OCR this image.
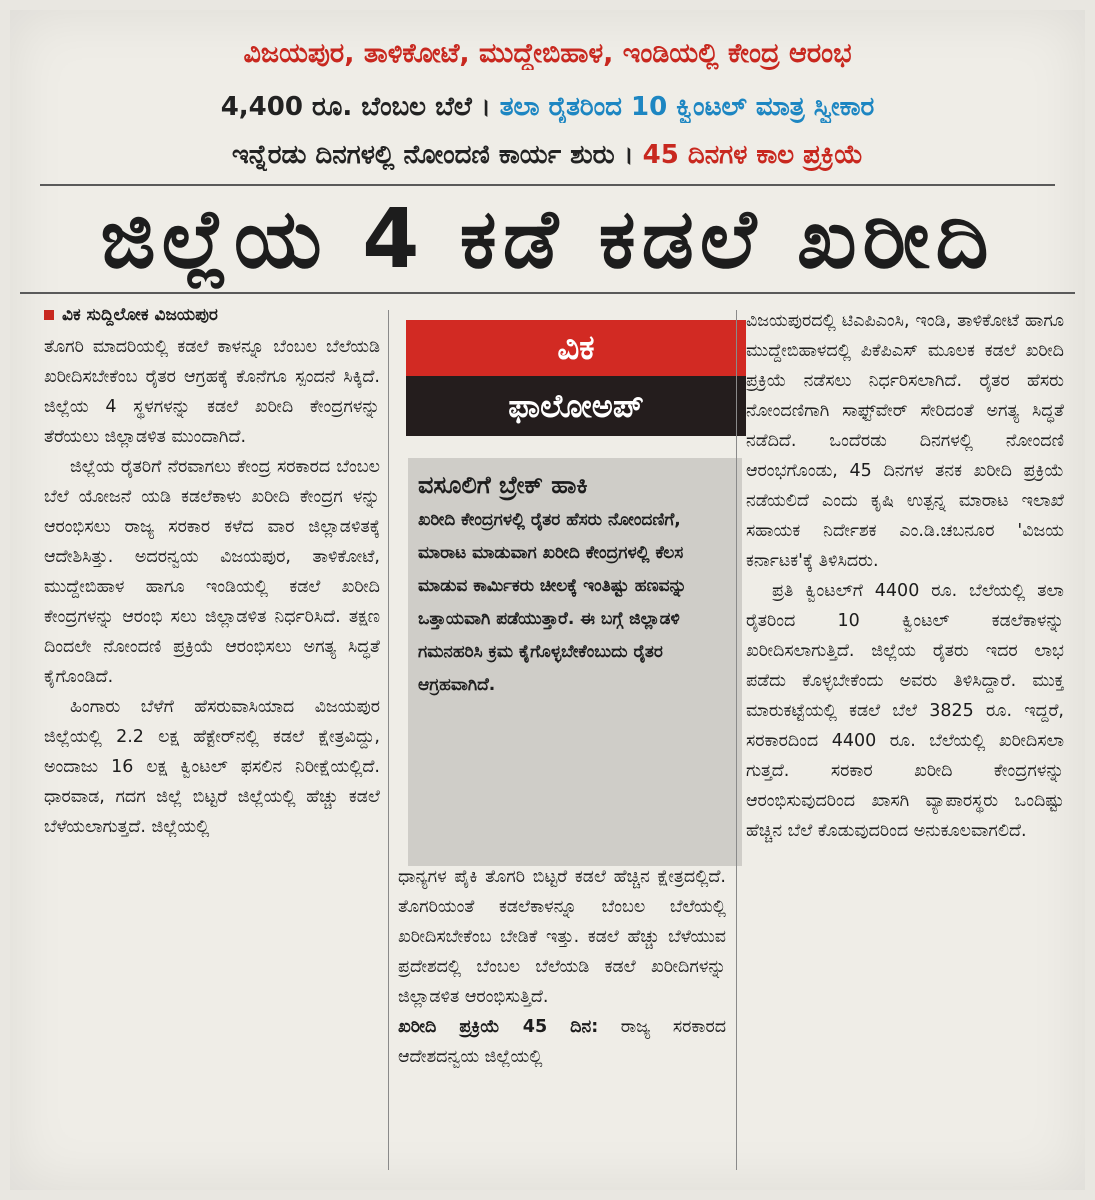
ವಿಜಯಪುರ, ತಾಳಿಕೋಟೆ, ಮುದ್ದೇಬಿಹಾಳ, ಇಂಡಿಯಲ್ಲಿ ಕೇಂದ್ರ ಆರಂಭ
4,400 ರೂ. ಬೆಂಬಲ ಬೆಲೆ । ತಲಾ ರೈತರಿಂದ 10 ಕ್ವಿಂಟಲ್ ಮಾತ್ರ ಸ್ವೀಕಾರ
ಇನ್ನೆರಡು ದಿನಗಳಲ್ಲಿ ನೋಂದಣಿ ಕಾರ್ಯ ಶುರು । 45 ದಿನಗಳ ಕಾಲ ಪ್ರಕ್ರಿಯೆ
ಜಿಲ್ಲೆಯ 4 ಕಡೆ ಕಡಲೆ ಖರೀದಿ
ವಿಕ ಸುದ್ದಿಲೋಕ ವಿಜಯಪುರ

ತೊಗರಿ ಮಾದರಿಯಲ್ಲಿ ಕಡಲೆ ಕಾಳನ್ನೂ ಬೆಂಬಲ ಬೆಲೆಯಡಿ ಖರೀದಿಸಬೇಕೆಂಬ ರೈತರ ಆಗ್ರಹಕ್ಕೆ ಕೊನೆಗೂ ಸ್ಪಂದನೆ ಸಿಕ್ಕಿದೆ. ಜಿಲ್ಲೆಯ 4 ಸ್ಥಳಗಳನ್ನು ಕಡಲೆ ಖರೀದಿ ಕೇಂದ್ರಗಳನ್ನು ತೆರೆಯಲು ಜಿಲ್ಲಾಡಳಿತ ಮುಂದಾಗಿದೆ.

ಜಿಲ್ಲೆಯ ರೈತರಿಗೆ ನೆರವಾಗಲು ಕೇಂದ್ರ ಸರಕಾರದ ಬೆಂಬಲ ಬೆಲೆ ಯೋಜನೆ ಯಡಿ ಕಡಲೆಕಾಳು ಖರೀದಿ ಕೇಂದ್ರಗ ಳನ್ನು ಆರಂಭಿಸಲು ರಾಜ್ಯ ಸರಕಾರ ಕಳೆದ ವಾರ ಜಿಲ್ಲಾಡಳಿತಕ್ಕೆ ಆದೇಶಿಸಿತ್ತು. ಅದರನ್ವಯ ವಿಜಯಪುರ, ತಾಳಿಕೋಟೆ, ಮುದ್ದೇಬಿಹಾಳ ಹಾಗೂ ಇಂಡಿಯಲ್ಲಿ ಕಡಲೆ ಖರೀದಿ ಕೇಂದ್ರಗಳನ್ನು ಆರಂಭಿ ಸಲು ಜಿಲ್ಲಾಡಳಿತ ನಿರ್ಧರಿಸಿದೆ. ತಕ್ಷಣ ದಿಂದಲೇ ನೋಂದಣಿ ಪ್ರಕ್ರಿಯೆ ಆರಂಭಿಸಲು ಅಗತ್ಯ ಸಿದ್ಧತೆ ಕೈಗೊಂಡಿದೆ.

ಹಿಂಗಾರು ಬೆಳೆಗೆ ಹೆಸರುವಾಸಿಯಾದ ವಿಜಯಪುರ ಜಿಲ್ಲೆಯಲ್ಲಿ 2.2 ಲಕ್ಷ ಹೆಕ್ಟೇರ್‌ನಲ್ಲಿ ಕಡಲೆ ಕ್ಷೇತ್ರವಿದ್ದು, ಅಂದಾಜು 16 ಲಕ್ಷ ಕ್ವಿಂಟಲ್ ಫಸಲಿನ ನಿರೀಕ್ಷೆಯಲ್ಲಿದೆ. ಧಾರವಾಡ, ಗದಗ ಜಿಲ್ಲೆ ಬಿಟ್ಟರೆ ಜಿಲ್ಲೆಯಲ್ಲಿ ಹೆಚ್ಚು ಕಡಲೆ ಬೆಳೆಯಲಾಗುತ್ತದೆ. ಜಿಲ್ಲೆಯಲ್ಲಿ

ವಿಕ
ಫಾಲೋಅಪ್
ವಸೂಲಿಗೆ ಬ್ರೇಕ್ ಹಾಕಿ
ಖರೀದಿ ಕೇಂದ್ರಗಳಲ್ಲಿ ರೈತರ ಹೆಸರು ನೋಂದಣಿಗೆ, ಮಾರಾಟ ಮಾಡುವಾಗ ಖರೀದಿ ಕೇಂದ್ರಗಳಲ್ಲಿ ಕೆಲಸ ಮಾಡುವ ಕಾರ್ಮಿಕರು ಚೀಲಕ್ಕೆ ಇಂತಿಷ್ಟು ಹಣವನ್ನು ಒತ್ತಾಯವಾಗಿ ಪಡೆಯುತ್ತಾರೆ. ಈ ಬಗ್ಗೆ ಜಿಲ್ಲಾಡಳಿ ಗಮನಹರಿಸಿ ಕ್ರಮ ಕೈಗೊಳ್ಳಬೇಕೆಂಬುದು ರೈತರ ಆಗ್ರಹವಾಗಿದೆ.

ಧಾನ್ಯಗಳ ಪೈಕಿ ತೊಗರಿ ಬಿಟ್ಟರೆ ಕಡಲೆ ಹೆಚ್ಚಿನ ಕ್ಷೇತ್ರದಲ್ಲಿದೆ. ತೊಗರಿಯಂತೆ ಕಡಲೆಕಾಳನ್ನೂ ಬೆಂಬಲ ಬೆಲೆಯಲ್ಲಿ ಖರೀದಿಸಬೇಕೆಂಬ ಬೇಡಿಕೆ ಇತ್ತು. ಕಡಲೆ ಹೆಚ್ಚು ಬೆಳೆಯುವ ಪ್ರದೇಶದಲ್ಲಿ ಬೆಂಬಲ ಬೆಲೆಯಡಿ ಕಡಲೆ ಖರೀದಿಗಳನ್ನು ಜಿಲ್ಲಾಡಳಿತ ಆರಂಭಿಸುತ್ತಿದೆ.

ಖರೀದಿ ಪ್ರಕ್ರಿಯೆ 45 ದಿನ: ರಾಜ್ಯ ಸರಕಾರದ ಆದೇಶದನ್ವಯ ಜಿಲ್ಲೆಯಲ್ಲಿ

ವಿಜಯಪುರದಲ್ಲಿ ಟಿಎಪಿಎಂಸಿ, ಇಂಡಿ, ತಾಳಿಕೋಟೆ ಹಾಗೂ ಮುದ್ದೇಬಿಹಾಳದಲ್ಲಿ ಪಿಕೆಪಿಎಸ್ ಮೂಲಕ ಕಡಲೆ ಖರೀದಿ ಪ್ರಕ್ರಿಯೆ ನಡೆಸಲು ನಿರ್ಧರಿಸಲಾಗಿದೆ. ರೈತರ ಹೆಸರು ನೋಂದಣಿಗಾಗಿ ಸಾಫ್ಟ್‌ವೇರ್ ಸೇರಿದಂತೆ ಅಗತ್ಯ ಸಿದ್ಧತೆ ನಡೆದಿದೆ. ಒಂದೆರಡು ದಿನಗಳಲ್ಲಿ ನೋಂದಣಿ ಆರಂಭಗೊಂಡು, 45 ದಿನಗಳ ತನಕ ಖರೀದಿ ಪ್ರಕ್ರಿಯೆ ನಡೆಯಲಿದೆ ಎಂದು ಕೃಷಿ ಉತ್ಪನ್ನ ಮಾರಾಟ ಇಲಾಖೆ ಸಹಾಯಕ ನಿರ್ದೇಶಕ ಎಂ.ಡಿ.ಚಬನೂರ 'ವಿಜಯ ಕರ್ನಾಟಕ'ಕ್ಕೆ ತಿಳಿಸಿದರು.

ಪ್ರತಿ ಕ್ವಿಂಟಲ್‌ಗೆ 4400 ರೂ. ಬೆಲೆಯಲ್ಲಿ ತಲಾ ರೈತರಿಂದ 10 ಕ್ವಿಂಟಲ್ ಕಡಲೆಕಾಳನ್ನು ಖರೀದಿಸಲಾಗುತ್ತಿದೆ. ಜಿಲ್ಲೆಯ ರೈತರು ಇದರ ಲಾಭ ಪಡೆದು ಕೊಳ್ಳಬೇಕೆಂದು ಅವರು ತಿಳಿಸಿದ್ದಾರೆ. ಮುಕ್ತ ಮಾರುಕಟ್ಟೆಯಲ್ಲಿ ಕಡಲೆ ಬೆಲೆ 3825 ರೂ. ಇದ್ದರೆ, ಸರಕಾರದಿಂದ 4400 ರೂ. ಬೆಲೆಯಲ್ಲಿ ಖರೀದಿಸಲಾ ಗುತ್ತದೆ. ಸರಕಾರ ಖರೀದಿ ಕೇಂದ್ರಗಳನ್ನು ಆರಂಭಿಸುವುದರಿಂದ ಖಾಸಗಿ ವ್ಯಾಪಾರಸ್ಥರು ಒಂದಿಷ್ಟು ಹೆಚ್ಚಿನ ಬೆಲೆ ಕೊಡುವುದರಿಂದ ಅನುಕೂಲವಾಗಲಿದೆ.
